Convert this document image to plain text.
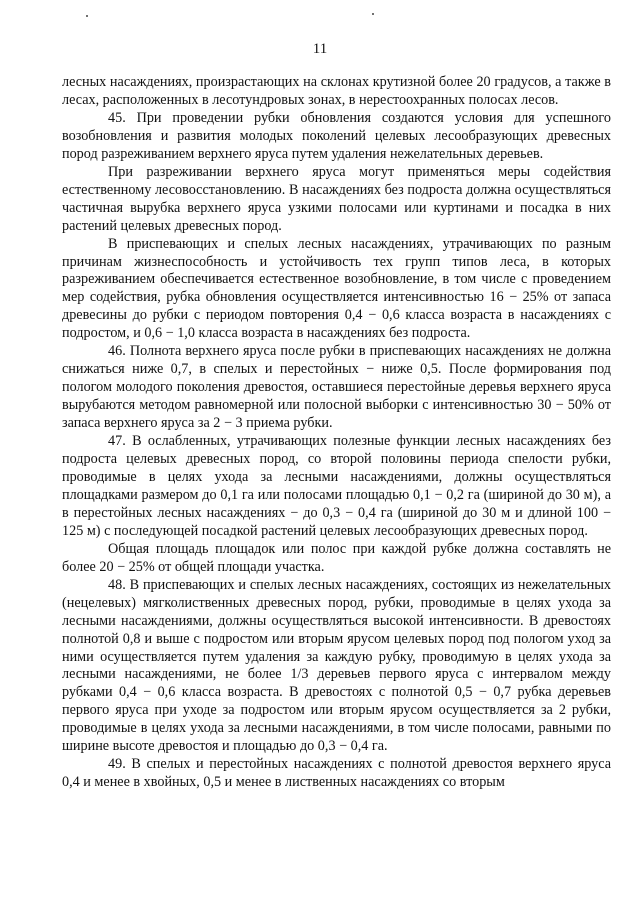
11

лесных насаждениях, произрастающих на склонах крутизной более 20 градусов, а также в лесах, расположенных в лесотундровых зонах, в нерестоохранных полосах лесов.

45. При проведении рубки обновления создаются условия для успешного возобновления и развития молодых поколений целевых лесообразующих древесных пород разреживанием верхнего яруса путем удаления нежелательных деревьев.

При разреживании верхнего яруса могут применяться меры содействия естественному лесовосстановлению. В насаждениях без подроста должна осуществляться частичная вырубка верхнего яруса узкими полосами или куртинами и посадка в них растений целевых древесных пород.

В приспевающих и спелых лесных насаждениях, утрачивающих по разным причинам жизнеспособность и устойчивость тех групп типов леса, в которых разреживанием обеспечивается естественное возобновление, в том числе с проведением мер содействия, рубка обновления осуществляется интенсивностью 16 − 25% от запаса древесины до рубки с периодом повторения 0,4 − 0,6 класса возраста в насаждениях с подростом, и 0,6 − 1,0 класса возраста в насаждениях без подроста.

46. Полнота верхнего яруса после рубки в приспевающих насаждениях не должна снижаться ниже 0,7, в спелых и перестойных − ниже 0,5. После формирования под пологом молодого поколения древостоя, оставшиеся перестойные деревья верхнего яруса вырубаются методом равномерной или полосной выборки с интенсивностью 30 − 50% от запаса верхнего яруса за 2 − 3 приема рубки.

47. В ослабленных, утрачивающих полезные функции лесных насаждениях без подроста целевых древесных пород, со второй половины периода спелости рубки, проводимые в целях ухода за лесными насаждениями, должны осуществляться площадками размером до 0,1 га или полосами площадью 0,1 − 0,2 га (шириной до 30 м), а в перестойных лесных насаждениях − до 0,3 − 0,4 га (шириной до 30 м и длиной 100 − 125 м) с последующей посадкой растений целевых лесообразующих древесных пород.

Общая площадь площадок или полос при каждой рубке должна составлять не более 20 − 25% от общей площади участка.

48. В приспевающих и спелых лесных насаждениях, состоящих из нежелательных (нецелевых) мягколиственных древесных пород, рубки, проводимые в целях ухода за лесными насаждениями, должны осуществляться высокой интенсивности. В древостоях полнотой 0,8 и выше с подростом или вторым ярусом целевых пород под пологом уход за ними осуществляется путем удаления за каждую рубку, проводимую в целях ухода за лесными насаждениями, не более 1/3 деревьев первого яруса с интервалом между рубками 0,4 − 0,6 класса возраста. В древостоях с полнотой 0,5 − 0,7 рубка деревьев первого яруса при уходе за подростом или вторым ярусом осуществляется за 2 рубки, проводимые в целях ухода за лесными насаждениями, в том числе полосами, равными по ширине высоте древостоя и площадью до 0,3 − 0,4 га.

49. В спелых и перестойных насаждениях с полнотой древостоя верхнего яруса 0,4 и менее в хвойных, 0,5 и менее в лиственных насаждениях со вторым
